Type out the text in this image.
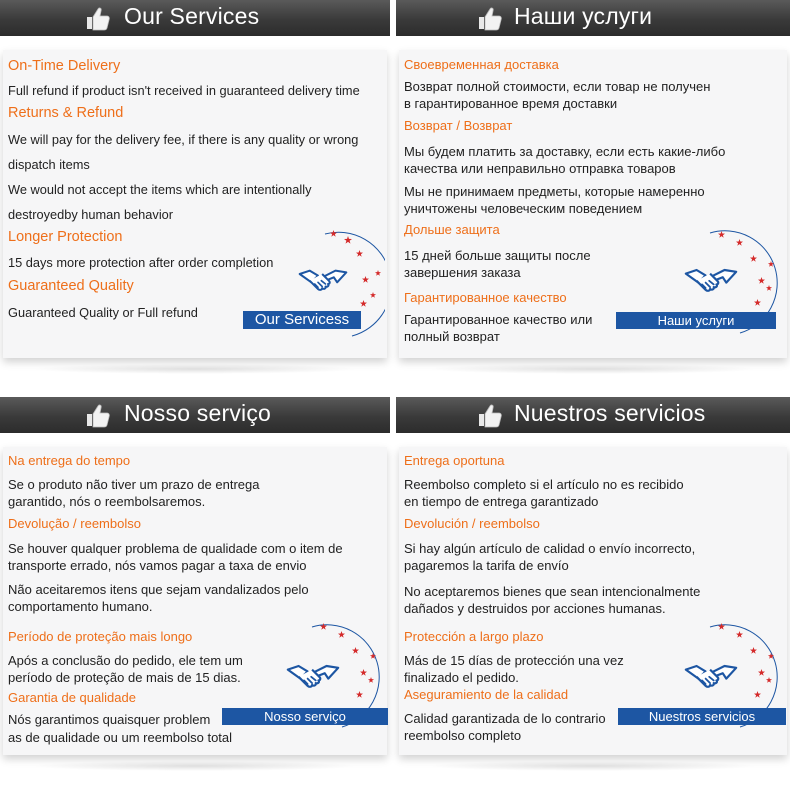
Our Services
On-Time Delivery
Full refund if product isn't received in guaranteed delivery time
Returns & Refund
We will pay for the delivery fee, if there is any quality or wrong
dispatch items
We would not accept the items which are intentionally
destroyedby human behavior
Longer Protection
15 days more protection after order completion
Guaranteed Quality
Guaranteed Quality or Full refund	Our Servicess
Наши услуги
Своевременная доставка
Возврат полной стоимости, если товар не получен
в гарантированное время доставки
Возврат / Возврат
Мы будем платить за доставку, если есть какие-либо
качества или неправильно отправка товаров
Мы не принимаем предметы, которые намеренно
уничтожены человеческим поведением
Дольше защита
15 дней больше защиты после
завершения заказа
Гарантированное качество
Гарантированное качество или
полный возврат
Наши услуги
Nosso serviço
Na entrega do tempo
Se o produto não tiver um prazo de entrega
garantido, nós o reembolsaremos.
Devolução / reembolso
Se houver qualquer problema de qualidade com o item de
transporte errado, nós vamos pagar a taxa de envio
Não aceitaremos itens que sejam vandalizados pelo
comportamento humano.
Período de proteção mais longo
Após a conclusão do pedido, ele tem um
período de proteção de mais de 15 dias.
Garantia de qualidade
Nós garantimos quaisquer problem
as de qualidade ou um reembolso total
Nosso serviço
Nuestros servicios
Entrega oportuna
Reembolso completo si el artículo no es recibido
en tiempo de entrega garantizado
Devolución / reembolso
Si hay algún artículo de calidad o envío incorrecto,
pagaremos la tarifa de envío
No aceptaremos bienes que sean intencionalmente
dañados y destruidos por acciones humanas.
Protección a largo plazo
Más de 15 días de protección una vez
finalizado el pedido.
Aseguramiento de la calidad
Calidad garantizada de lo contrario
reembolso completo
Nuestros servicios
